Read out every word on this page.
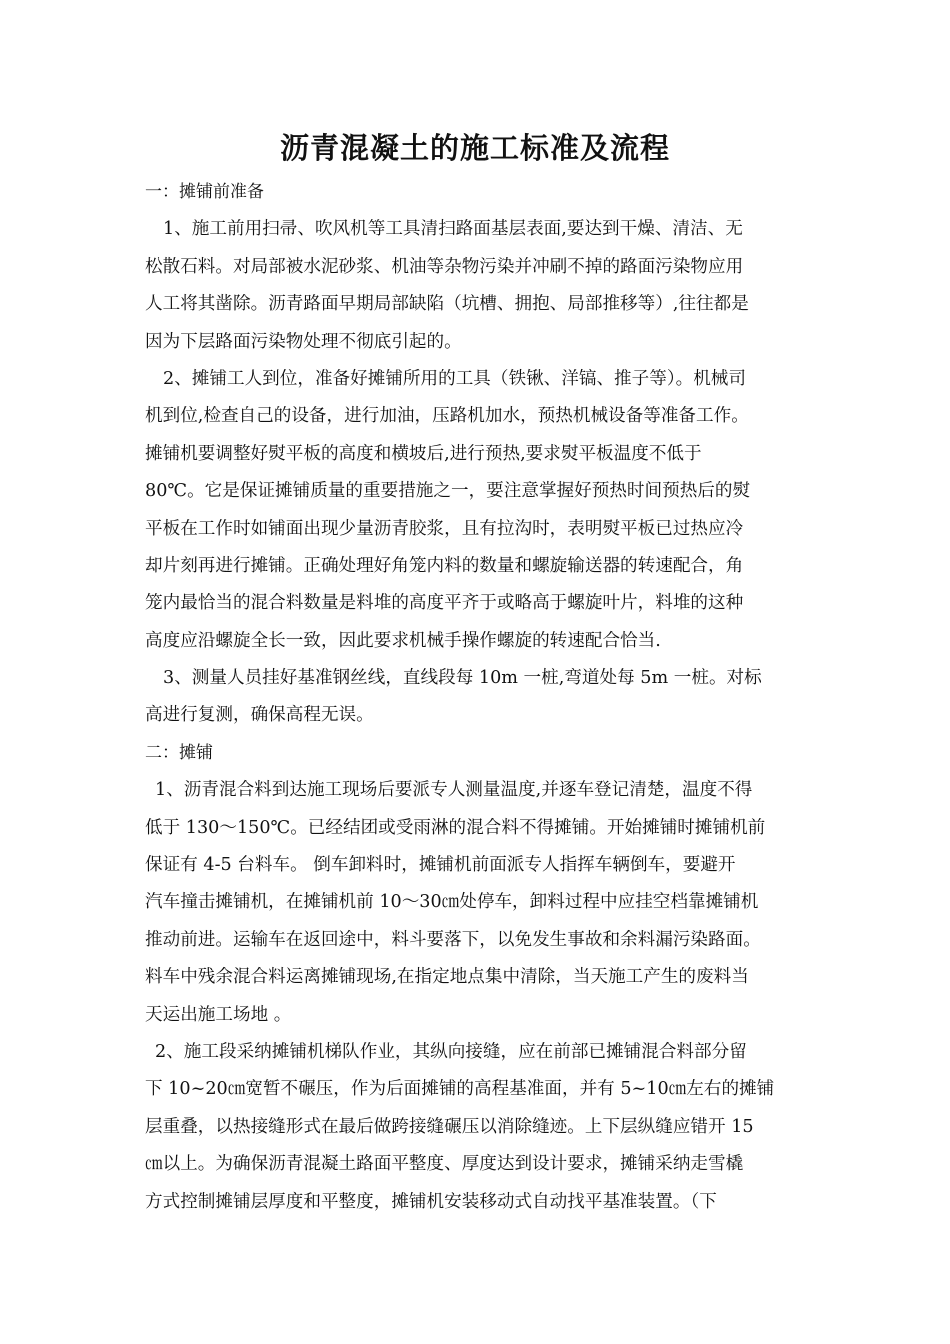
沥青混凝土的施工标准及流程
一：摊铺前准备
1、施工前用扫帚、吹风机等工具清扫路面基层表面,要达到干燥、清洁、无
松散石料。对局部被水泥砂浆、机油等杂物污染并冲刷不掉的路面污染物应用
人工将其凿除。沥青路面早期局部缺陷（坑槽、拥抱、局部推移等）,往往都是
因为下层路面污染物处理不彻底引起的。
2、摊铺工人到位，准备好摊铺所用的工具（铁锹、洋镐、推子等）。机械司
机到位,检查自己的设备，进行加油，压路机加水，预热机械设备等准备工作。
摊铺机要调整好熨平板的高度和横坡后,进行预热,要求熨平板温度不低于
80℃。它是保证摊铺质量的重要措施之一，要注意掌握好预热时间预热后的熨
平板在工作时如铺面出现少量沥青胶浆，且有拉沟时，表明熨平板已过热应冷
却片刻再进行摊铺。正确处理好角笼内料的数量和螺旋输送器的转速配合，角
笼内最恰当的混合料数量是料堆的高度平齐于或略高于螺旋叶片，料堆的这种
高度应沿螺旋全长一致，因此要求机械手操作螺旋的转速配合恰当.
3、测量人员挂好基准钢丝线，直线段每 10m 一桩,弯道处每 5m 一桩。对标
高进行复测，确保高程无误。
二：摊铺
1、沥青混合料到达施工现场后要派专人测量温度,并逐车登记清楚，温度不得
低于 130～150℃。已经结团或受雨淋的混合料不得摊铺。开始摊铺时摊铺机前
保证有 4-5 台料车。 倒车卸料时，摊铺机前面派专人指挥车辆倒车，要避开
汽车撞击摊铺机，在摊铺机前 10～30㎝处停车，卸料过程中应挂空档靠摊铺机
推动前进。运输车在返回途中，料斗要落下，以免发生事故和余料漏污染路面。
料车中残余混合料运离摊铺现场,在指定地点集中清除，当天施工产生的废料当
天运出施工场地 。
2、施工段采纳摊铺机梯队作业，其纵向接缝，应在前部已摊铺混合料部分留
下 10~20㎝宽暂不碾压，作为后面摊铺的高程基准面，并有 5~10㎝左右的摊铺
层重叠，以热接缝形式在最后做跨接缝碾压以消除缝迹。上下层纵缝应错开 15
㎝以上。为确保沥青混凝土路面平整度、厚度达到设计要求，摊铺采纳走雪橇
方式控制摊铺层厚度和平整度，摊铺机安装移动式自动找平基准装置。（下
